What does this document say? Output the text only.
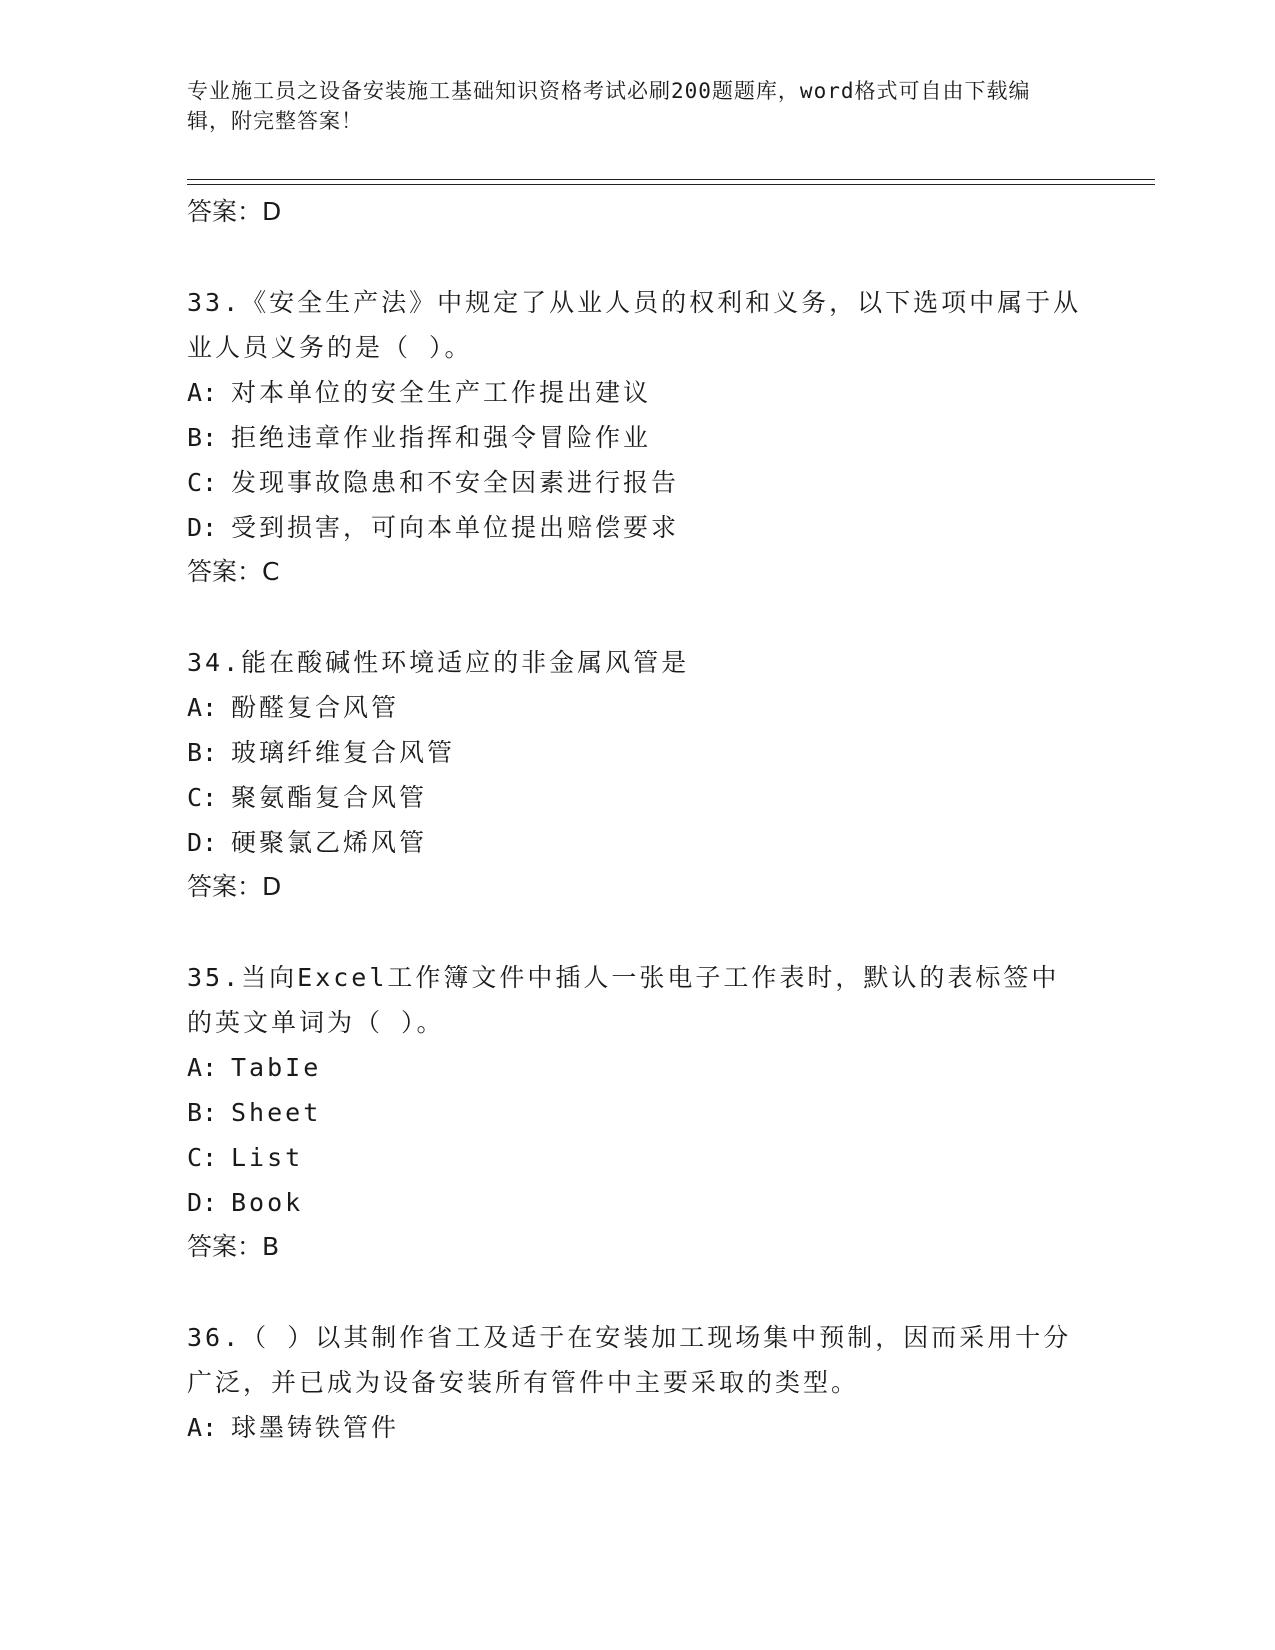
专业施工员之设备安装施工基础知识资格考试必刷200题题库，word格式可自由下载编辑，附完整答案！
答案：D
33.《安全生产法》中规定了从业人员的权利和义务，以下选项中属于从业人员义务的是（ ）。
A: 对本单位的安全生产工作提出建议
B: 拒绝违章作业指挥和强令冒险作业
C: 发现事故隐患和不安全因素进行报告
D: 受到损害，可向本单位提出赔偿要求
答案：C
34.能在酸碱性环境适应的非金属风管是
A: 酚醛复合风管
B: 玻璃纤维复合风管
C: 聚氨酯复合风管
D: 硬聚氯乙烯风管
答案：D
35.当向Excel工作簿文件中插人一张电子工作表时，默认的表标签中的英文单词为（ ）。
A: TabIe
B: Sheet
C: List
D: Book
答案：B
36.（ ）以其制作省工及适于在安装加工现场集中预制，因而采用十分广泛，并已成为设备安装所有管件中主要采取的类型。
A: 球墨铸铁管件
